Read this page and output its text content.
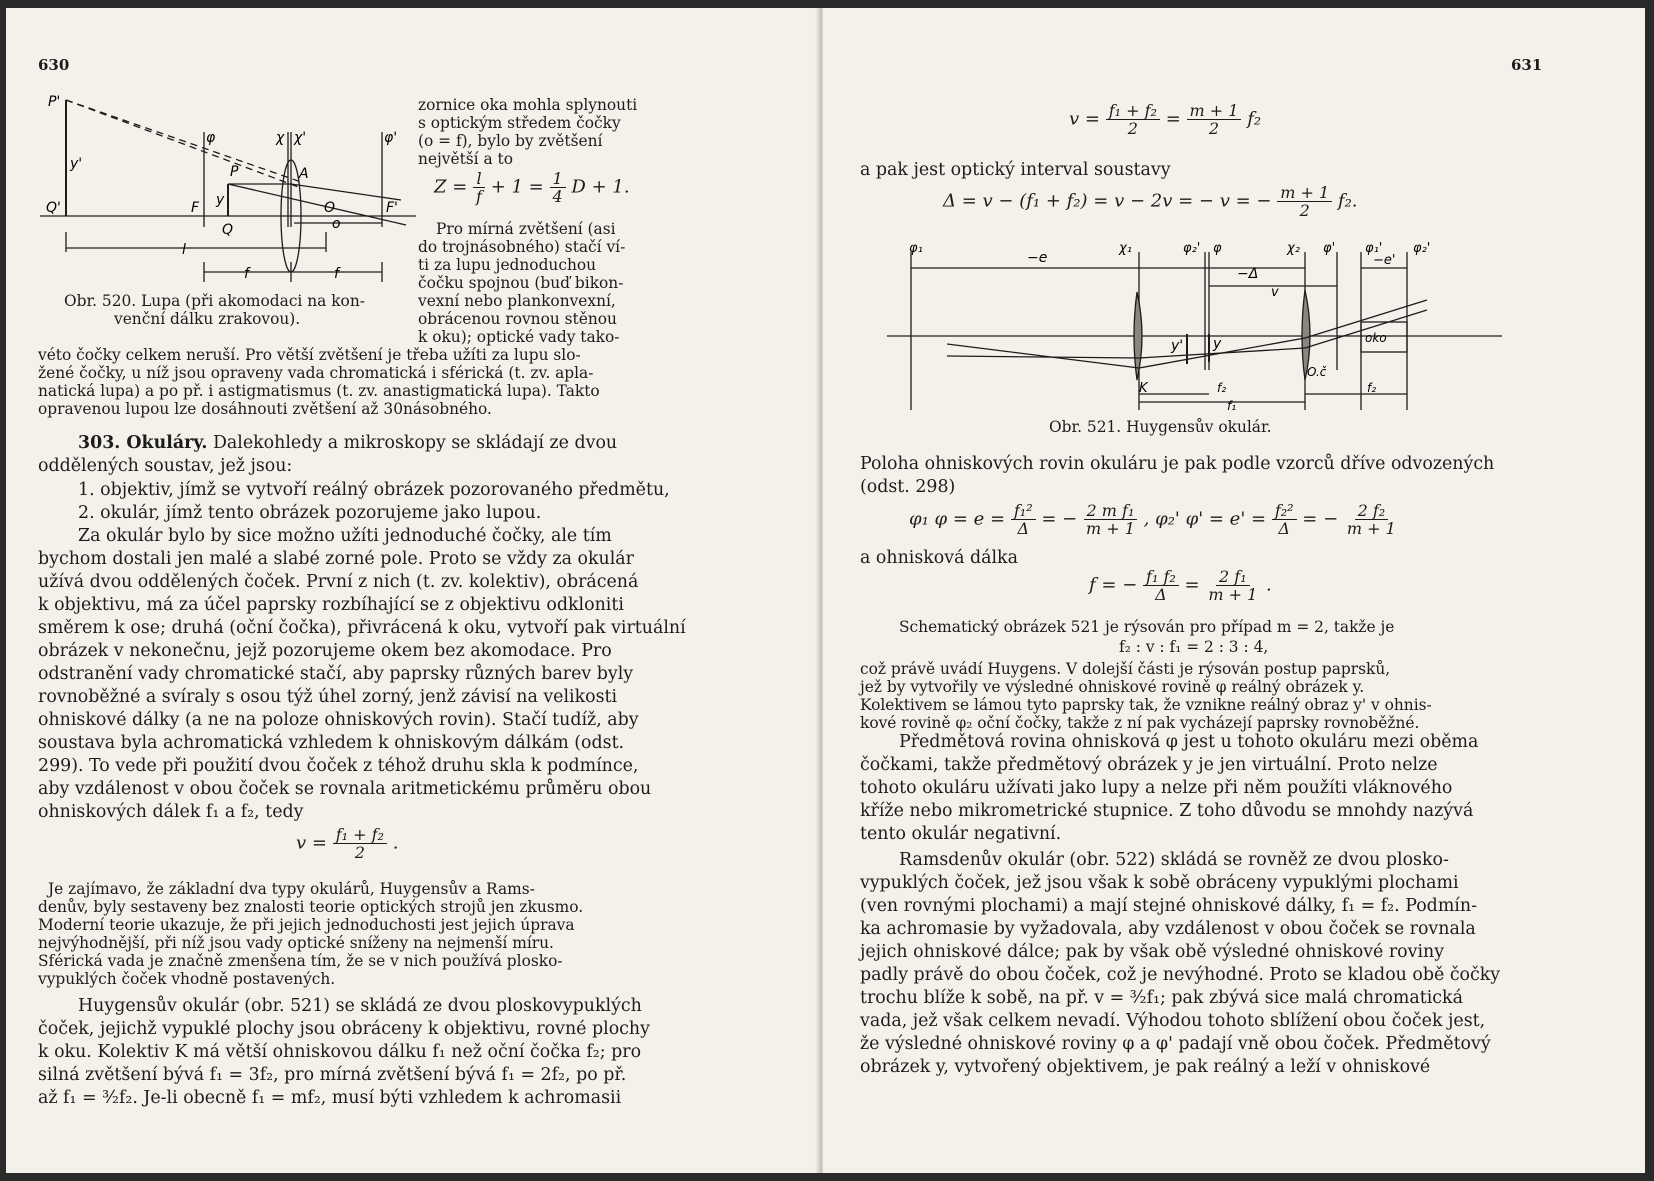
630
P'
y'
Q'
φ	χ χ'	φ'
P	A
F y
Q
O	F'
o
l
f	f
Obr. 520. Lupa (při akomodaci na kon-
venční dálku zrakovou).
zornice oka mohla splynouti
s optickým středem čočky
(o = f), bylo by zvětšení
největší a to
$Z = \frac{l}{f} + 1 = \frac{1}{4}$ D + 1.
Pro mírná zvětšení (asi
do trojnásobného) stačí ví-
ti za lupu jednoduchou
čočku spojnou (buď bikon-
vexní nebo plankonvexní,
obrácenou rovnou stěnou
k oku); optické vady tako-
véto čočky celkem neruší. Pro větší zvětšení je třeba užíti za lupu slo-
žené čočky, u níž jsou opraveny vada chromatická i sférická (t. zv. apla-
natická lupa) a po př. i astigmatismus (t. zv. anastigmatická lupa). Takto
opravenou lupou lze dosáhnouti zvětšení až 30násobného.
303. Okuláry. Dalekohledy a mikroskopy se skládají ze dvou
oddělených soustav, jež jsou:
1. objektiv, jímž se vytvoří reálný obrázek pozorovaného předmětu,
2. okulár, jímž tento obrázek pozorujeme jako lupou.
Za okulár bylo by sice možno užíti jednoduché čočky, ale tím
bychom dostali jen malé a slabé zorné pole. Proto se vždy za okulár
užívá dvou oddělených čoček. První z nich (t. zv. kolektiv), obrácená
k objektivu, má za účel paprsky rozbíhající se z objektivu odkloniti
směrem k ose; druhá (oční čočka), přivrácená k oku, vytvoří pak virtuální
obrázek v nekonečnu, jejž pozorujeme okem bez akomodace. Pro
odstranění vady chromatické stačí, aby paprsky různých barev byly
rovnoběžné a svíraly s osou týž úhel zorný, jenž závisí na velikosti
ohniskové dálky (a ne na poloze ohniskových rovin). Stačí tudíž, aby
soustava byla achromatická vzhledem k ohniskovým dálkám (odst.
299). To vede při použití dvou čoček z téhož druhu skla k podmínce,
aby vzdálenost v obou čoček se rovnala aritmetickému průměru obou
ohniskových dálek f₁ a f₂, tedy
$v = \frac{\text{f₁ + f₂}}{2}$ .
Je zajímavo, že základní dva typy okulárů, Huygensův a Rams-
denův, byly sestaveny bez znalosti teorie optických strojů jen zkusmo.
Moderní teorie ukazuje, že při jejich jednoduchosti jest jejich úprava
nejvýhodnější, při níž jsou vady optické sníženy na nejmenší míru.
Sférická vada je značně zmenšena tím, že se v nich používá plosko-
vypuklých čoček vhodně postavených.
Huygensův okulár (obr. 521) se skládá ze dvou ploskovypuklých
čoček, jejichž vypuklé plochy jsou obráceny k objektivu, rovné plochy
k oku. Kolektiv K má větší ohniskovou dálku f₁ než oční čočka f₂; pro
silná zvětšení bývá f₁ = 3f₂, pro mírná zvětšení bývá f₁ = 2f₂, po př.
až f₁ = ³⁄₂f₂. Je-li obecně f₁ = mf₂, musí býti vzhledem k achromasii
631
$v = \frac{\text{f₁ + f₂}}{2} = \frac{m + 1}{2} f_2$
a pak jest optický interval soustavy
Δ = v − (f₁ + f₂) = v − 2v = − v = − $\frac{m + 1}{2} f_2$.
φ₁
−e
χ₁	φ₂' φ
−Δ
χ₂ φ' φ₁'
−e'
φ₂'
v
y' y	oko
O.č
K	f₂
f₁
f₂
Obr. 521. Huygensův okulár.
Poloha ohniskových rovin okuláru je pak podle vzorců dříve odvozených
(odst. 298)
φ₁ $\varphi = e = \frac{\text{f₁²}}{\Delta}$ = − $\frac{\text{2 m f₁}}{m + 1}$ , φ₂' $\varphi' = e' = \frac{\text{f₂²}}{\Delta}$ = − $\frac{\text{2 f₂}}{m + 1}$
a ohnisková dálka
f = − $\frac{\text{f₁ f₂}}{\Delta} = \frac{\text{2 f₁}}{m + 1}$ .
Schematický obrázek 521 je rýsován pro případ m = 2, takže je
f₂ : v : f₁ = 2 : 3 : 4,
což právě uvádí Huygens. V dolejší části je rýsován postup paprsků,
jež by vytvořily ve výsledné ohniskové rovině φ reálný obrázek y.
Kolektivem se lámou tyto paprsky tak, že vznikne reálný obraz y' v ohnis-
kové rovině φ₂ oční čočky, takže z ní pak vycházejí paprsky rovnoběžné.
Předmětová rovina ohnisková φ jest u tohoto okuláru mezi oběma
čočkami, takže předmětový obrázek y je jen virtuální. Proto nelze
tohoto okuláru užívati jako lupy a nelze při něm použíti vláknového
kříže nebo mikrometrické stupnice. Z toho důvodu se mnohdy nazývá
tento okulár negativní.
Ramsdenův okulár (obr. 522) skládá se rovněž ze dvou plosko-
vypuklých čoček, jež jsou však k sobě obráceny vypuklými plochami
(ven rovnými plochami) a mají stejné ohniskové dálky, f₁ = f₂. Podmín-
ka achromasie by vyžadovala, aby vzdálenost v obou čoček se rovnala
jejich ohniskové dálce; pak by však obě výsledné ohniskové roviny
padly právě do obou čoček, což je nevýhodné. Proto se kladou obě čočky
trochu blíže k sobě, na př. v = ³⁄₂f₁; pak zbývá sice malá chromatická
vada, jež však celkem nevadí. Výhodou tohoto sblížení obou čoček jest,
že výsledné ohniskové roviny φ a φ' padají vně obou čoček. Předmětový
obrázek y, vytvořený objektivem, je pak reálný a leží v ohniskové
